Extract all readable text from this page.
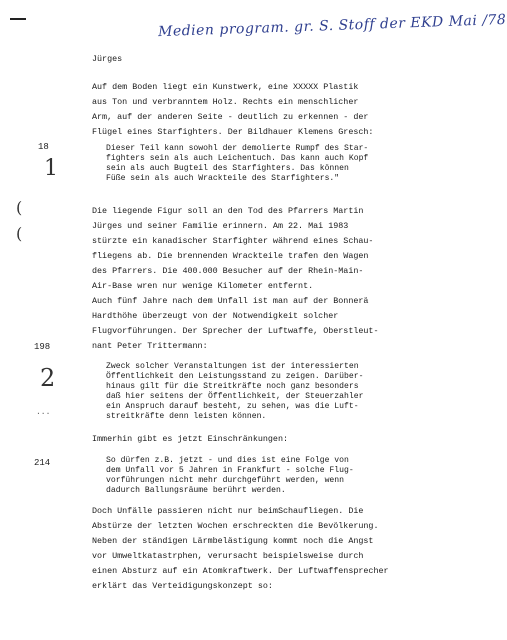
Medien program. gr. S. Stoff der EKD Mai /78
Jürges
Auf dem Boden liegt ein Kunstwerk, eine XXXXX Plastik
aus Ton und verbranntem Holz. Rechts ein menschlicher
Arm, auf der anderen Seite - deutlich zu erkennen - der
Flügel eines Starfighters. Der Bildhauer Klemens Gresch:
18
1
Dieser Teil kann sowohl der demolierte Rumpf des Star-
fighters sein als auch Leichentuch. Das kann auch Kopf
sein als auch Bugteil des Starfighters. Das können
Füße sein als auch Wrackteile des Starfighters."
(
(
Die liegende Figur soll an den Tod des Pfarrers Martin
Jürges und seiner Familie erinnern. Am 22. Mai 1983
stürzte ein kanadischer Starfighter während eines Schau-
fliegens ab. Die brennenden Wrackteile trafen den Wagen
des Pfarrers. Die 400.000 Besucher auf der Rhein-Main-
Air-Base wren nur wenige Kilometer entfernt.
Auch fünf Jahre nach dem Unfall ist man auf der Bonnerä
Hardthöhe überzeugt von der Notwendigkeit solcher
Flugvorführungen. Der Sprecher der Luftwaffe, Oberstleut-
nant Peter Trittermann:
198
2	Zweck solcher Veranstaltungen ist der interessierten
Öffentlichkeit den Leistungsstand zu zeigen. Darüber-
hinaus gilt für die Streitkräfte noch ganz besonders
daß hier seitens der Öffentlichkeit, der Steuerzahler
ein Anspruch darauf besteht, zu sehen, was die Luft-
streitkräfte denn leisten können.
...
Immerhin gibt es jetzt Einschränkungen:
214	So dürfen z.B. jetzt - und dies ist eine Folge von
dem Unfall vor 5 Jahren in Frankfurt - solche Flug-
vorführungen nicht mehr durchgeführt werden, wenn
dadurch Ballungsräume berührt werden.
Doch Unfälle passieren nicht nur beimSchaufliegen. Die
Abstürze der letzten Wochen erschreckten die Bevölkerung.
Neben der ständigen Lärmbelästigung kommt noch die Angst
vor Umweltkatastrphen, verursacht beispielsweise durch
einen Absturz auf ein Atomkraftwerk. Der Luftwaffensprecher
erklärt das Verteidigungskonzept so:
